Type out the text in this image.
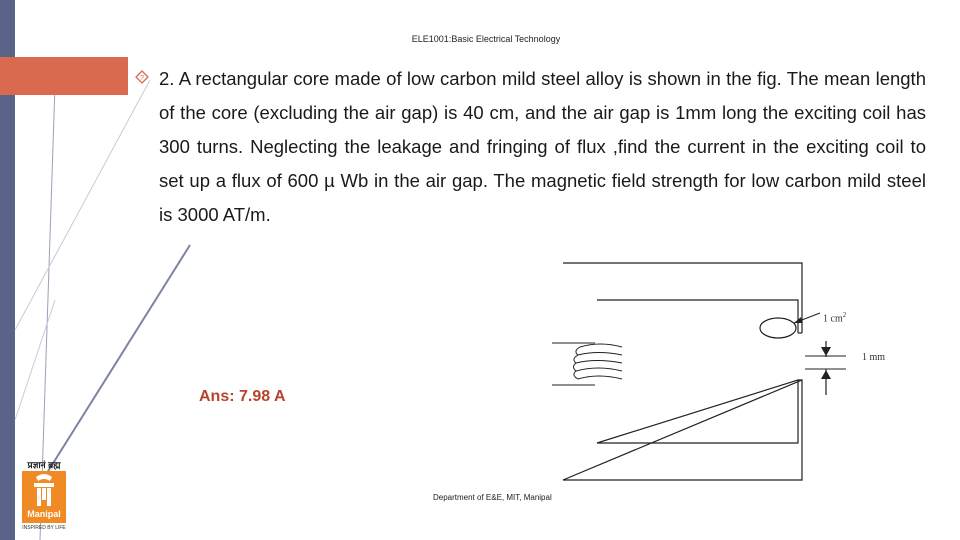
ELE1001:Basic Electrical Technology
? 2. A rectangular core made of low carbon mild steel alloy is shown in the fig. The mean length of the core (excluding the air gap) is 40 cm, and the air gap is 1mm long the exciting coil has 300 turns. Neglecting the leakage and fringing of flux ,find the current in the exciting coil to set up a flux of 600 µ Wb in the air gap. The magnetic field strength for low carbon mild steel is 3000 AT/m.
Ans: 7.98 A
1 $cm^2$
1 mm
Department of E&E, MIT, Manipal
प्रज्ञानं ब्रह्म
Manipal
INSPIRED BY LIFE
